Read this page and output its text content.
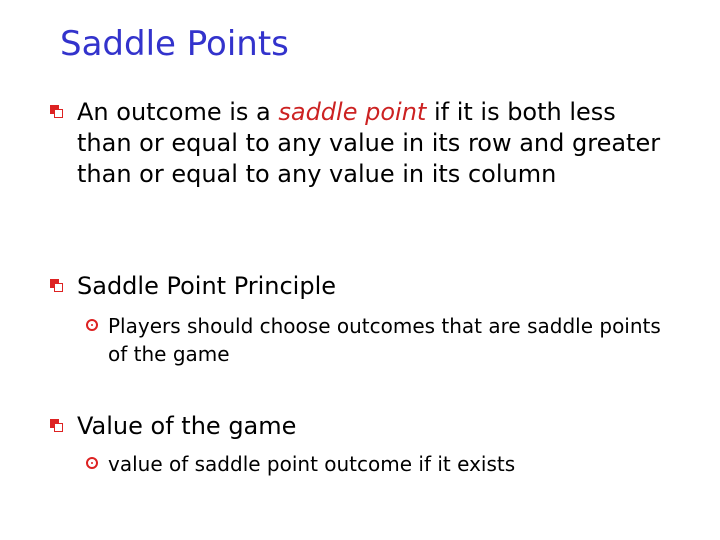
Saddle Points
An outcome is a saddle point if it is both less than or equal to any value in its row and greater than or equal to any value in its column
Saddle Point Principle
Players should choose outcomes that are saddle points of the game
Value of the game
value of saddle point outcome if it exists
